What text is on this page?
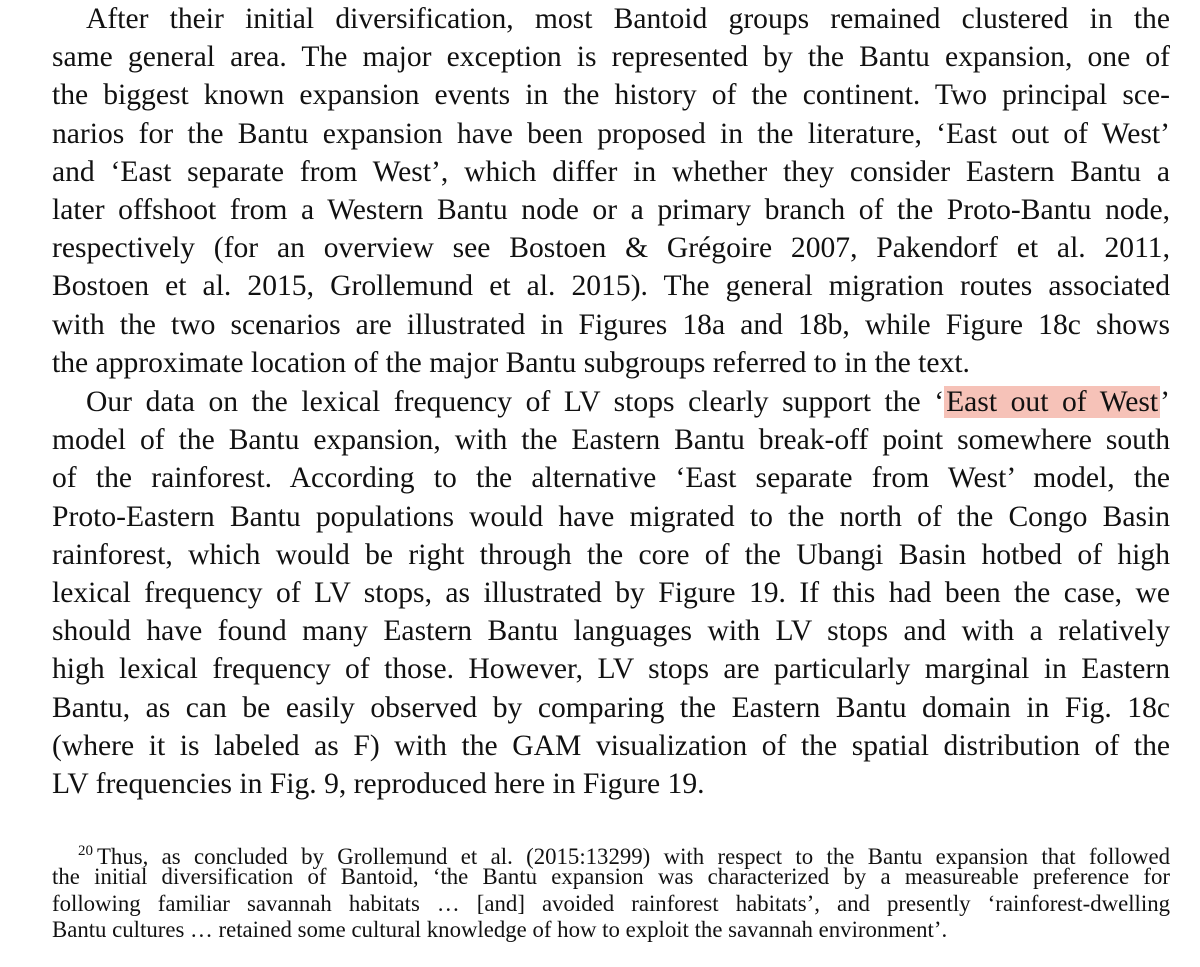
After their initial diversification, most Bantoid groups remained clustered in the
same general area. The major exception is represented by the Bantu expansion, one of
the biggest known expansion events in the history of the continent. Two principal sce-
narios for the Bantu expansion have been proposed in the literature, ‘East out of West’
and ‘East separate from West’, which differ in whether they consider Eastern Bantu a
later offshoot from a Western Bantu node or a primary branch of the Proto-Bantu node,
respectively (for an overview see Bostoen & Grégoire 2007, Pakendorf et al. 2011,
Bostoen et al. 2015, Grollemund et al. 2015). The general migration routes associated
with the two scenarios are illustrated in Figures 18a and 18b, while Figure 18c shows
the approximate location of the major Bantu subgroups referred to in the text.
Our data on the lexical frequency of LV stops clearly support the ‘East out of West’
model of the Bantu expansion, with the Eastern Bantu break-off point somewhere south
of the rainforest. According to the alternative ‘East separate from West’ model, the
Proto-Eastern Bantu populations would have migrated to the north of the Congo Basin
rainforest, which would be right through the core of the Ubangi Basin hotbed of high
lexical frequency of LV stops, as illustrated by Figure 19. If this had been the case, we
should have found many Eastern Bantu languages with LV stops and with a relatively
high lexical frequency of those. However, LV stops are particularly marginal in Eastern
Bantu, as can be easily observed by comparing the Eastern Bantu domain in Fig. 18c
(where it is labeled as F) with the GAM visualization of the spatial distribution of the
LV frequencies in Fig. 9, reproduced here in Figure 19.
$^{20}$ Thus, as concluded by Grollemund et al. (2015:13299) with respect to the Bantu expansion that followed
the initial diversification of Bantoid, ‘the Bantu expansion was characterized by a measureable preference for
following familiar savannah habitats … [and] avoided rainforest habitats’, and presently ‘rainforest-dwelling
Bantu cultures … retained some cultural knowledge of how to exploit the savannah environment’.
